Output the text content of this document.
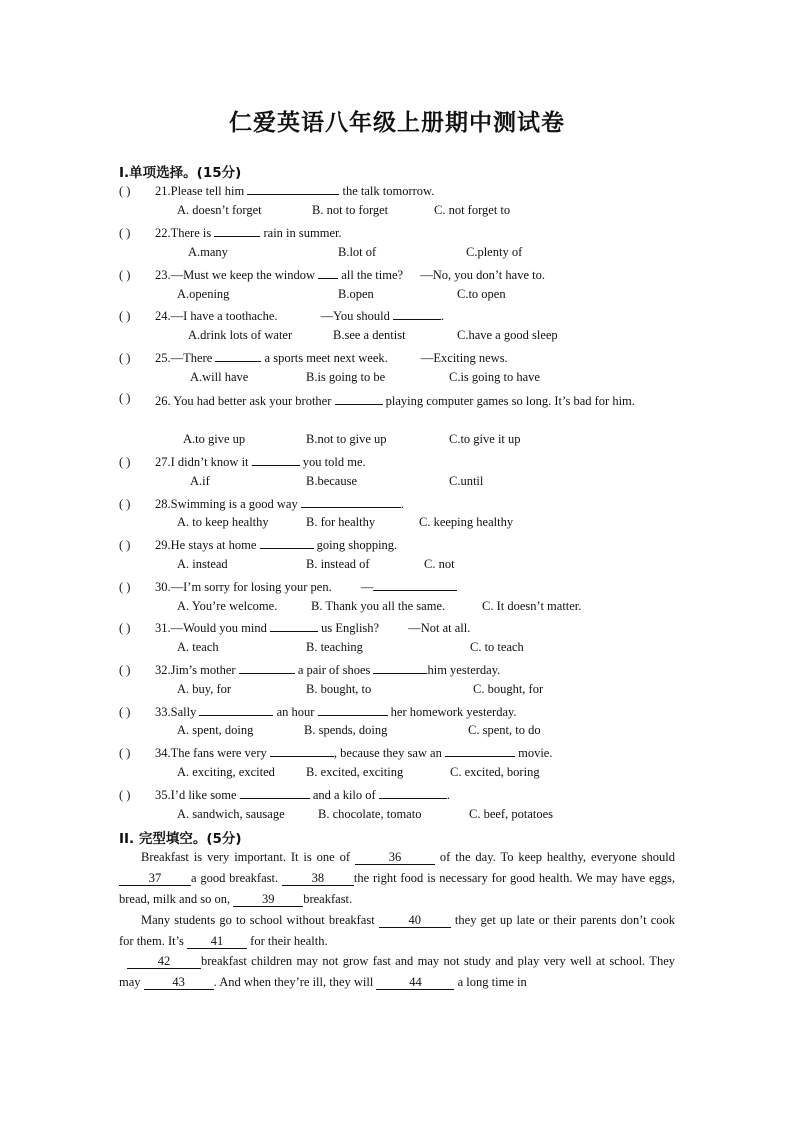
仁爱英语八年级上册期中测试卷
I.单项选择。(15分)
( ) 21.Please tell him	the talk tomorrow.
A. doesn’t forget	B. not to forget	C. not forget to
( ) 22.There is	rain in summer.
A.many	B.lot of	C.plenty of
( ) 23.—Must we keep the window all the time? —No, you don’t have to.
A.opening	B.open	C.to open
( ) 24.—I have a toothache.	—You should	.
A.drink lots of water	B.see a dentist	C.have a good sleep
( ) 25.—There	a sports meet next week.	—Exciting news.
A.will have	B.is going to be	C.is going to have
( ) 26. You had better ask your brother	playing computer games so long. It’s bad for him.
A.to give up	B.not to give up	C.to give it up
( ) 27.I didn’t know it	you told me.
A.if	B.because	C.until
( ) 28.Swimming is a good way	.
A. to keep healthy	B. for healthy	C. keeping healthy
( ) 29.He stays at home	going shopping.
A. instead	B. instead of	C. not
( ) 30.—I’m sorry for losing your pen. —
A. You’re welcome.	B. Thank you all the same.	C. It doesn’t matter.
( ) 31.—Would you mind	us English? —Not at all.
A. teach	B. teaching	C. to teach
( ) 32.Jim’s mother	a pair of shoes	him yesterday.
A. buy, for	B. bought, to	C. bought, for
( ) 33.Sally	an hour	her homework yesterday.
A. spent, doing	B. spends, doing	C. spent, to do
( ) 34.The fans were very	, because they saw an	movie.
A. exciting, excited B. excited, exciting	C. excited, boring
( ) 35.I’d like some	and a kilo of	.
A. sandwich, sausage	B. chocolate, tomato	C. beef, potatoes
II. 完型填空。(5分)
Breakfast is very important. It is one of	36	of the day. To keep healthy, everyone should 37 a good breakfast.	38 the right food is necessary for good health. We may have eggs, bread, milk and so on,	39 breakfast.
Many students go to school without breakfast	40	they get up late or their parents don’t cook for them. It’s 41 for their health.
42 breakfast children may not grow fast and may not study and play very well at school. They may	43 . And when they’re ill, they will	44	a long time in
